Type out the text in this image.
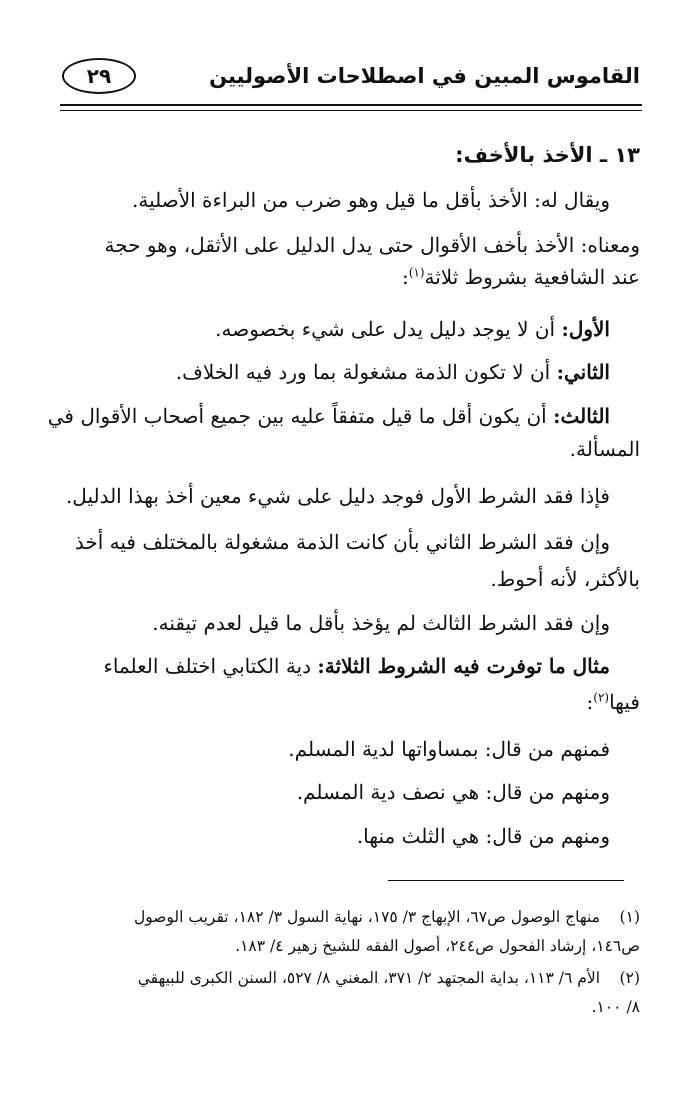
القاموس المبين في اصطلاحات الأصوليين
٢٩
١٣ ـ الأخذ بالأخف:
ويقال له: الأخذ بأقل ما قيل وهو ضرب من البراءة الأصلية.
ومعناه: الأخذ بأخف الأقوال حتى يدل الدليل على الأثقل، وهو حجة
عند الشافعية بشروط ثلاثة$^{(١)}$:
الأول: أن لا يوجد دليل يدل على شيء بخصوصه.
الثاني: أن لا تكون الذمة مشغولة بما ورد فيه الخلاف.
الثالث: أن يكون أقل ما قيل متفقاً عليه بين جميع أصحاب الأقوال في
المسألة.
فإذا فقد الشرط الأول فوجد دليل على شيء معين أخذ بهذا الدليل.
وإن فقد الشرط الثاني بأن كانت الذمة مشغولة بالمختلف فيه أخذ
بالأكثر، لأنه أحوط.
وإن فقد الشرط الثالث لم يؤخذ بأقل ما قيل لعدم تيقنه.
مثال ما توفرت فيه الشروط الثلاثة: دية الكتابي اختلف العلماء
فيها$^{(٢)}$:
فمنهم من قال: بمساواتها لدية المسلم.
ومنهم من قال: هي نصف دية المسلم.
ومنهم من قال: هي الثلث منها.
(١)
منهاج الوصول ص٦٧، الإبهاج ٣/ ١٧٥، نهاية السول ٣/ ١٨٢، تقريب الوصول
ص١٤٦، إرشاد الفحول ص٢٤٤، أصول الفقه للشيخ زهير ٤/ ١٨٣.
(٢)
الأم ٦/ ١١٣، بداية المجتهد ٢/ ٣٧١، المغني ٨/ ٥٢٧، السنن الكبرى للبيهقي
٨/ ١٠٠.
